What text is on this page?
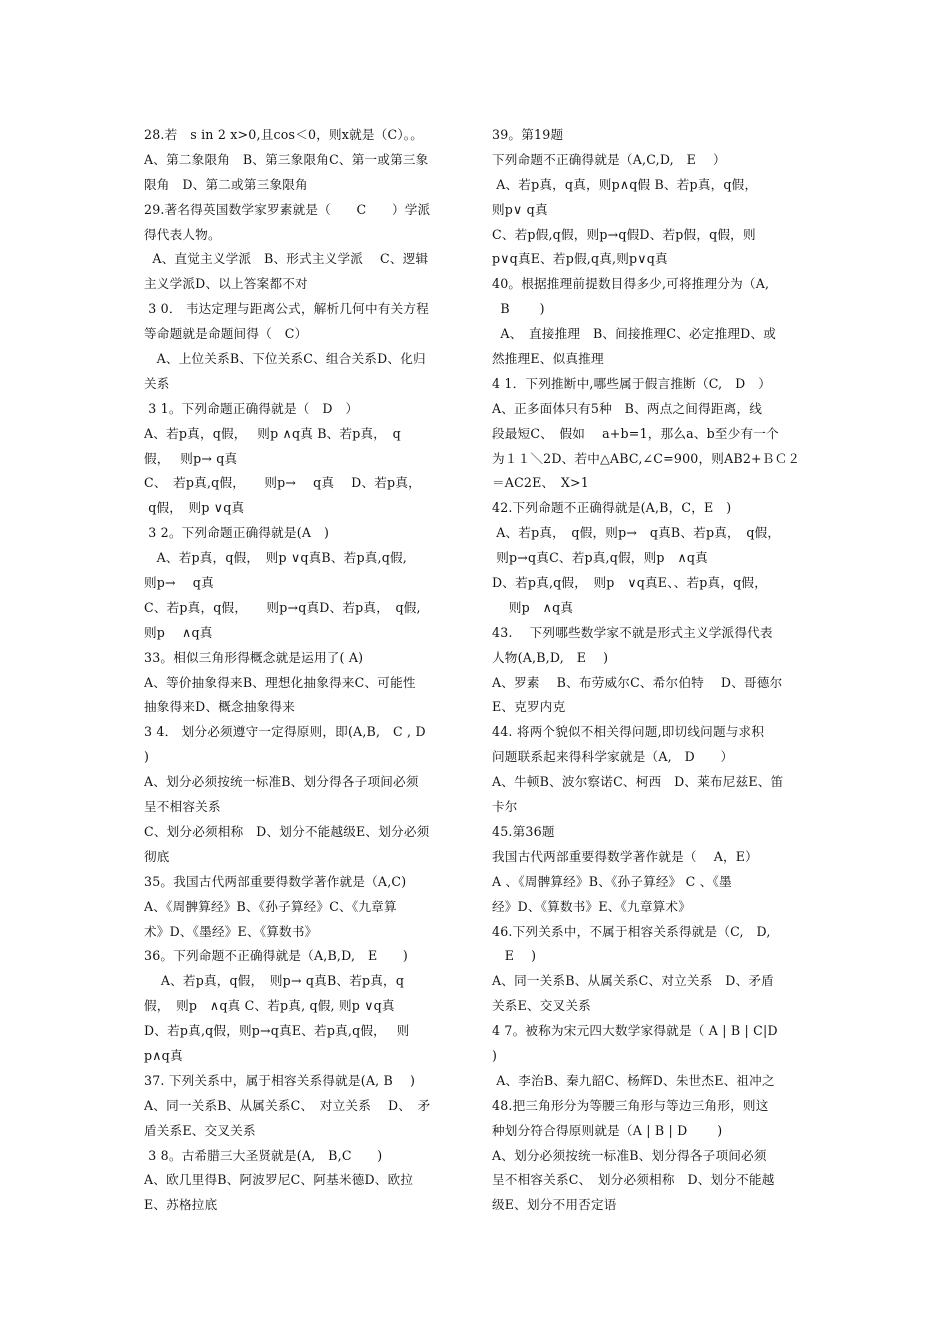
28.若　s in 2 x>0,且cos＜0，则x就是（C）。。
A、第二象限角　B、第三象限角C、第一或第三象
限角　D、第二或第三象限角
29.著名得英国数学家罗素就是（　　C　　）学派
得代表人物。
A、直觉主义学派　B、形式主义学派　 C、逻辑
主义学派D、以上答案都不对
3 0． 韦达定理与距离公式，解析几何中有关方程
等命题就是命题间得（　C）
A、上位关系B、下位关系C、组合关系D、化归
关系
3 1。下列命题正确得就是（　D　）
A、若p真，q假，　 则p ∧q真 B、若p真，　q
假，　 则p→ q真
C、　若p真,q假，　　则p→　 q真　 D、若p真，
q假，　则p ∨q真
3 2。下列命题正确得就是(A　)
A、若p真，q假，　则p ∨q真B、若p真,q假,
则p→　 q真
C、若p真，q假，　　则p→q真D、若p真，　q假,
则p　 ∧q真
33。相似三角形得概念就是运用了( A)
A、等价抽象得来B、理想化抽象得来C、可能性
抽象得来D、概念抽象得来
3 4． 划分必须遵守一定得原则，即(A,B,　C , D
)
A、划分必须按统一标准B、划分得各子项间必须
呈不相容关系
C、划分必须相称　D、划分不能越级E、划分必须
彻底
35。我国古代两部重要得数学著作就是（A,C)
A、《周髀算经》B、《孙子算经》C、《九章算
术》D、《墨经》E、《算数书》
36。下列命题不正确得就是（A,B,D,　E　　)
A、若p真，q假，　则p→ q真B、若p真，q
假，　则p　∧q真 C、若p真, q假, 则p ∨q真
D、若p真,q假，则p→q真E、若p真,q假，　 则
p∧q真
37. 下列关系中，属于相容关系得就是(A, B　 )
A、同一关系B、从属关系C、　对立关系　 D、　矛
盾关系E、交叉关系
3 8。古希腊三大圣贤就是(A,　B,C　　)
A、欧几里得B、阿波罗尼C、阿基米德D、欧拉
E、苏格拉底
39。第19题
下列命题不正确得就是（A,C,D,　E　 ）
A、若p真，q真，则p∧q假 B、若p真，q假，
则p∨ q真
C、若p假,q假，则p→q假D、若p假，q假，则
p∨q真E、若p假,q真,则p∨q真
40。根据推理前提数目得多少,可将推理分为（A,
B　　 )
A、　直接推理　B、间接推理C、必定推理D、或
然推理E、似真推理
4 1．下列推断中,哪些属于假言推断（C,　D　）
A、正多面体只有5种　B、两点之间得距离，线
段最短C、　假如　 a+b=1，那么a、b至少有一个
为１１＼2D、若中△ABC,∠C=900，则AB2+ＢＣ２
＝AC2E、　X>1
42.下列命题不正确得就是(A,B，C，E　)
A、若p真，　q假，则p→　q真B、若p真，　q假，
则p→q真C、若p真,q假，则p　∧q真
D、若p真,q假，　则p　∨q真E、、若p真，q假，
则p　∧q真
43.　 下列哪些数学家不就是形式主义学派得代表
人物(A,B,D,　E　 )
A、罗素　 B、布劳威尔C、希尔伯特　 D、哥德尔
E、克罗内克
44. 将两个貌似不相关得问题,即切线问题与求积
问题联系起来得科学家就是（A,　D　　）
A、牛顿B、波尔察诺C、柯西　D、莱布尼兹E、笛
卡尔
45.第36题
我国古代两部重要得数学著作就是（　 A，E）
A 、《周髀算经》B、《孙子算经》 C 、《墨
经》D、《算数书》E、《九章算术》
46.下列关系中，不属于相容关系得就是（C,　D,
　E　 )
A、同一关系B、从属关系C、对立关系　D、矛盾
关系E、交叉关系
4 7。被称为宋元四大数学家得就是（ A | B | C|D
)
A、李治B、秦九韶C、杨辉D、朱世杰E、祖冲之
48.把三角形分为等腰三角形与等边三角形，则这
种划分符合得原则就是（A | B | D　　 )
A、划分必须按统一标准B、划分得各子项间必须
呈不相容关系C、　划分必须相称　D、划分不能越
级E、划分不用否定语
